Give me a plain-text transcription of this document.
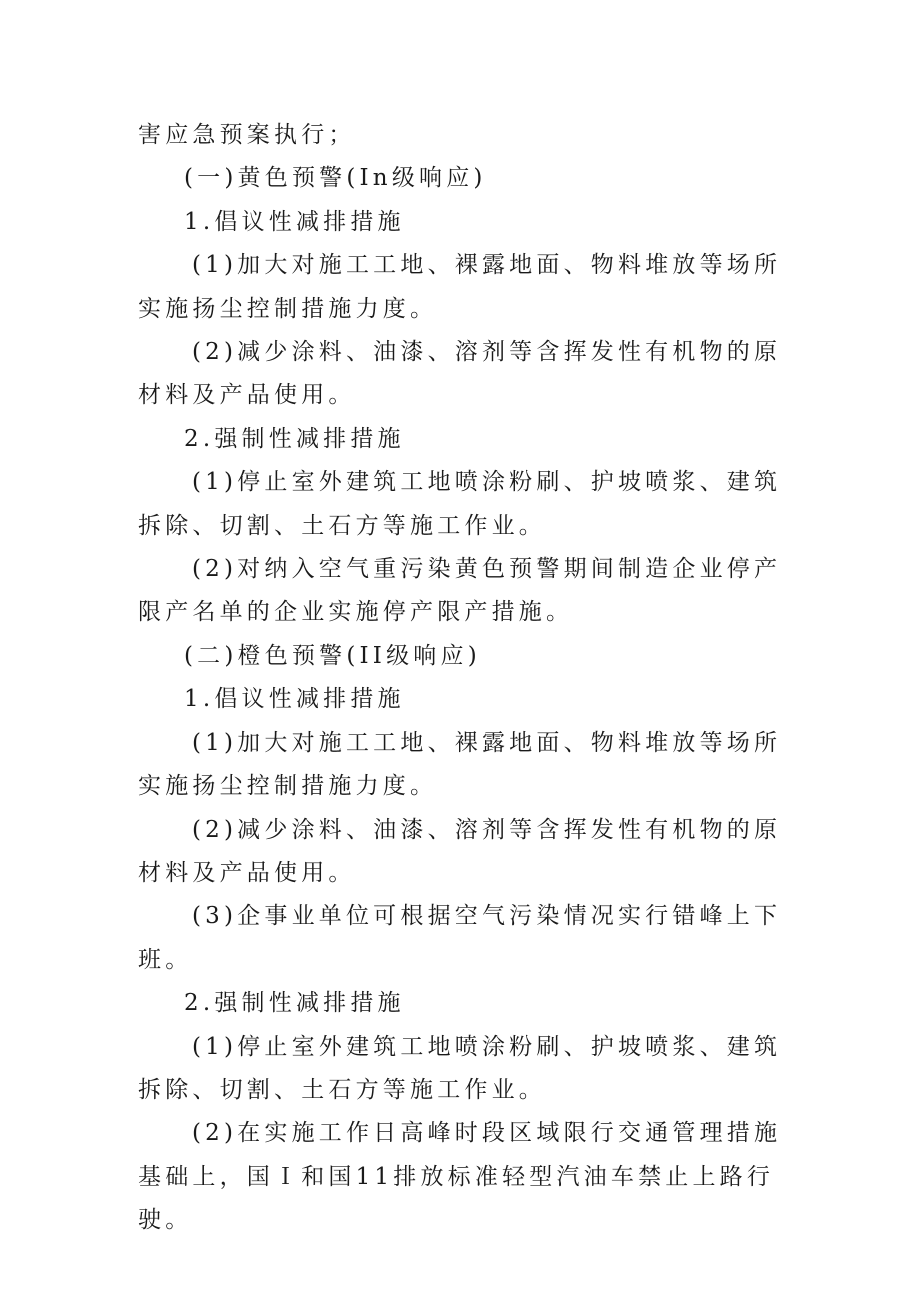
害应急预案执行；

(一)黄色预警(In级响应)

1.倡议性减排措施

(1)加大对施工工地、裸露地面、物料堆放等场所实施扬尘控制措施力度。

(2)减少涂料、油漆、溶剂等含挥发性有机物的原材料及产品使用。

2.强制性减排措施

(1)停止室外建筑工地喷涂粉刷、护坡喷浆、建筑拆除、切割、土石方等施工作业。

(2)对纳入空气重污染黄色预警期间制造企业停产限产名单的企业实施停产限产措施。

(二)橙色预警(II级响应)

1.倡议性减排措施

(1)加大对施工工地、裸露地面、物料堆放等场所实施扬尘控制措施力度。

(2)减少涂料、油漆、溶剂等含挥发性有机物的原材料及产品使用。

(3)企事业单位可根据空气污染情况实行错峰上下班。

2.强制性减排措施

(1)停止室外建筑工地喷涂粉刷、护坡喷浆、建筑拆除、切割、土石方等施工作业。

(2)在实施工作日高峰时段区域限行交通管理措施基础上，国Ｉ和国11排放标准轻型汽油车禁止上路行驶。
